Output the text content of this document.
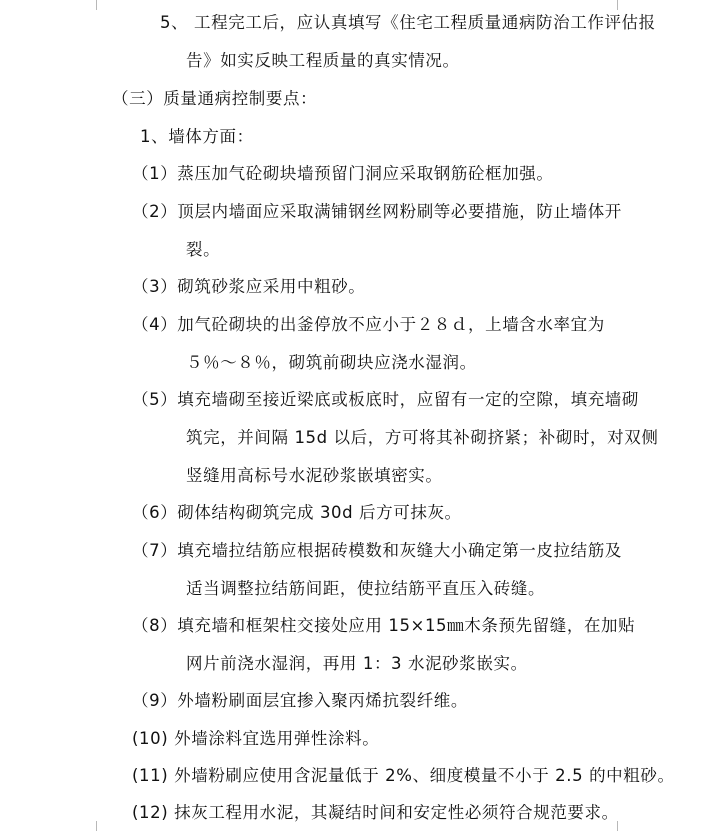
5、 工程完工后，应认真填写《住宅工程质量通病防治工作评估报
告》如实反映工程质量的真实情况。
（三）质量通病控制要点：
1、墙体方面：
（1）蒸压加气砼砌块墙预留门洞应采取钢筋砼框加强。
（2）顶层内墙面应采取满铺钢丝网粉刷等必要措施，防止墙体开
裂。
（3）砌筑砂浆应采用中粗砂。
（4）加气砼砌块的出釜停放不应小于２８ｄ，上墙含水率宜为
５％～８％，砌筑前砌块应浇水湿润。
（5）填充墙砌至接近梁底或板底时，应留有一定的空隙，填充墙砌
筑完，并间隔 15d 以后，方可将其补砌挤紧；补砌时，对双侧
竖缝用高标号水泥砂浆嵌填密实。
（6）砌体结构砌筑完成 30d 后方可抹灰。
（7）填充墙拉结筋应根据砖模数和灰缝大小确定第一皮拉结筋及
适当调整拉结筋间距，使拉结筋平直压入砖缝。
（8）填充墙和框架柱交接处应用 15×15㎜木条预先留缝，在加贴
网片前浇水湿润，再用 1：3 水泥砂浆嵌实。
（9）外墙粉刷面层宜掺入聚丙烯抗裂纤维。
(10) 外墙涂料宜选用弹性涂料。
(11) 外墙粉刷应使用含泥量低于 2%、细度模量不小于 2.5 的中粗砂。
(12) 抹灰工程用水泥，其凝结时间和安定性必须符合规范要求。
